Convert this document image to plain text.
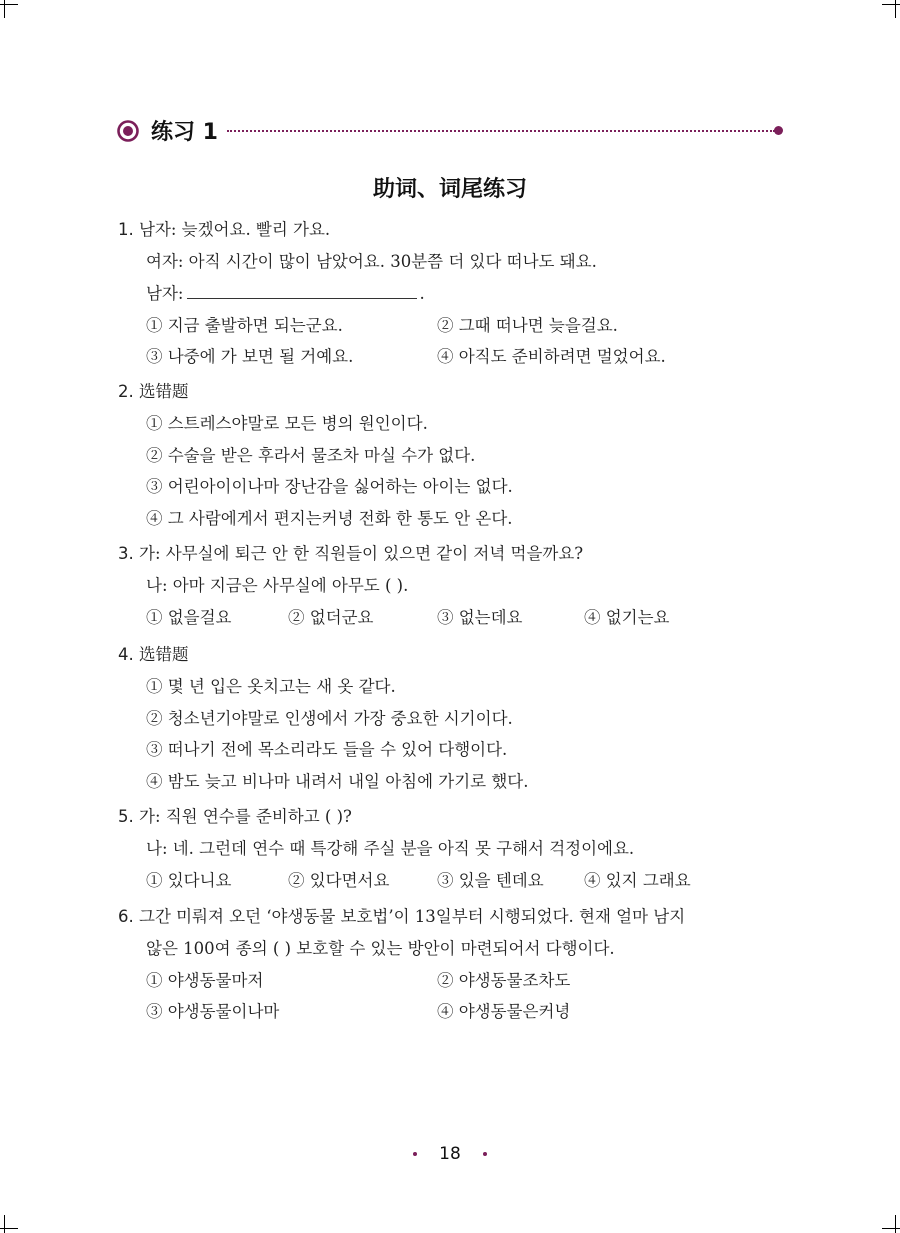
练习 1
助词、词尾练习
1. 남자: 늦겠어요. 빨리 가요.
여자: 아직 시간이 많이 남았어요. 30분쯤 더 있다 떠나도 돼요.
남자:	.
① 지금 출발하면 되는군요.	② 그때 떠나면 늦을걸요.
③ 나중에 가 보면 될 거예요.	④ 아직도 준비하려면 멀었어요.
2. 选错题
① 스트레스야말로 모든 병의 원인이다.
② 수술을 받은 후라서 물조차 마실 수가 없다.
③ 어린아이이나마 장난감을 싫어하는 아이는 없다.
④ 그 사람에게서 편지는커녕 전화 한 통도 안 온다.
3. 가: 사무실에 퇴근 안 한 직원들이 있으면 같이 저녁 먹을까요?
나: 아마 지금은 사무실에 아무도 ( ).
① 없을걸요	② 없더군요	③ 없는데요	④ 없기는요
4. 选错题
① 몇 년 입은 옷치고는 새 옷 같다.
② 청소년기야말로 인생에서 가장 중요한 시기이다.
③ 떠나기 전에 목소리라도 들을 수 있어 다행이다.
④ 밤도 늦고 비나마 내려서 내일 아침에 가기로 했다.
5. 가: 직원 연수를 준비하고 ( )?
나: 네. 그런데 연수 때 특강해 주실 분을 아직 못 구해서 걱정이에요.
① 있다니요	② 있다면서요	③ 있을 텐데요 ④ 있지 그래요
6. 그간 미뤄져 오던 ‘야생동물 보호법’이 13일부터 시행되었다. 현재 얼마 남지
않은 100여 종의 ( ) 보호할 수 있는 방안이 마련되어서 다행이다.
① 야생동물마저	② 야생동물조차도
③ 야생동물이나마	④ 야생동물은커녕
18
